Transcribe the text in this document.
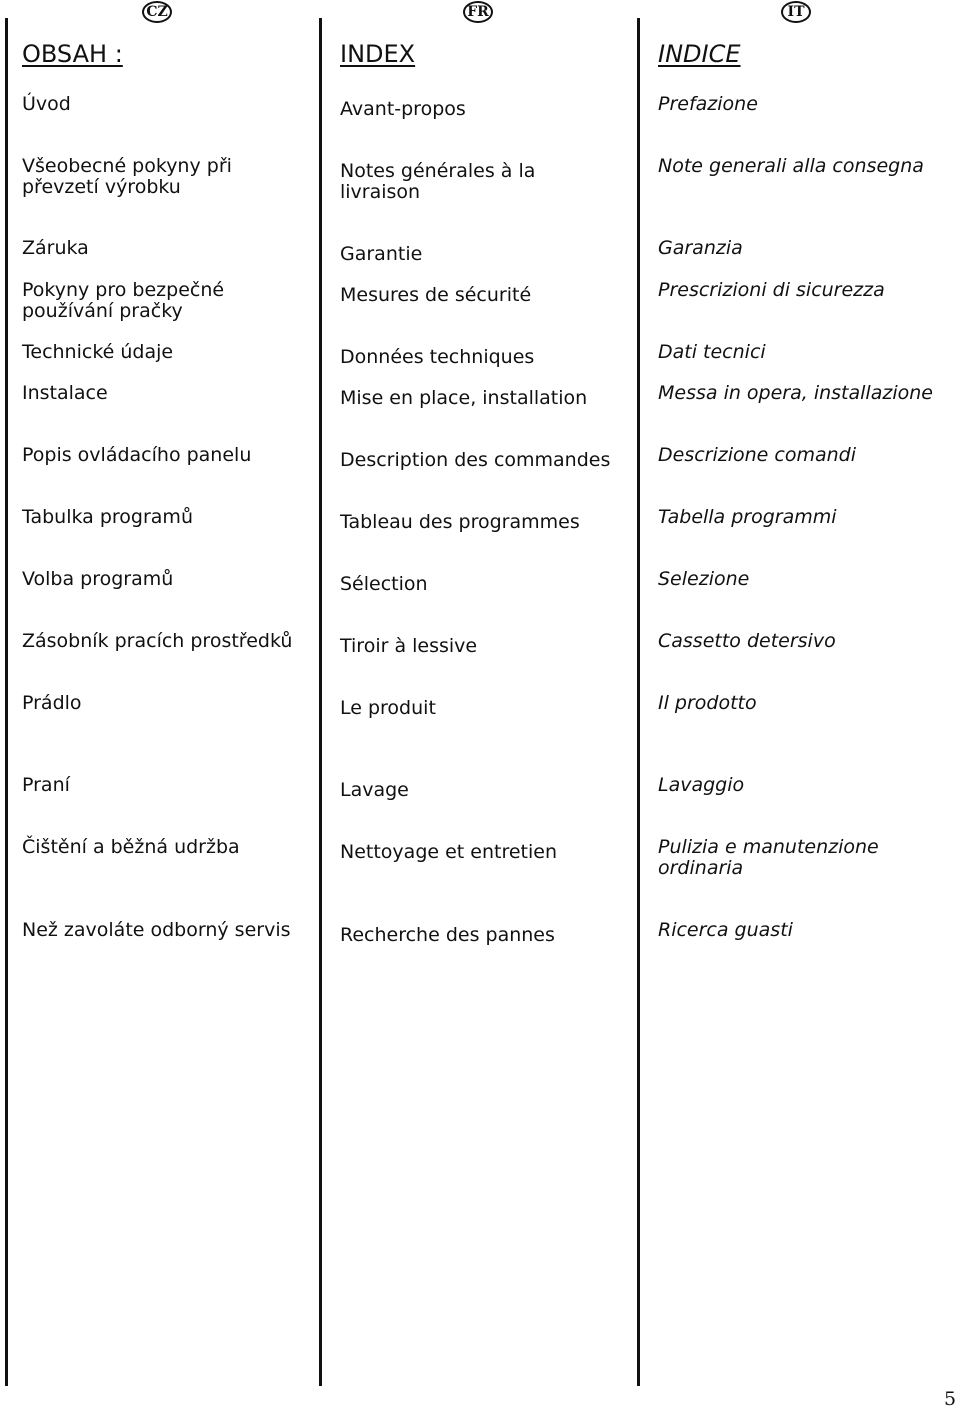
CZ	FR	IT
OBSAH :
Úvod
Všeobecné pokyny při převzetí výrobku
Záruka
Pokyny pro bezpečné používání pračky
Technické údaje
Instalace
Popis ovládacího panelu
Tabulka programů
Volba programů
Zásobník pracích prostředků
Prádlo
Praní
Čištění a běžná udržba
Než zavoláte odborný servis
INDEX
Avant-propos
Notes générales à la livraison
Garantie
Mesures de sécurité
Données techniques
Mise en place, installation
Description des commandes
Tableau des programmes
Sélection
Tiroir à lessive
Le produit
Lavage
Nettoyage et entretien
Recherche des pannes
INDICE
Prefazione
Note generali alla consegna
Garanzia
Prescrizioni di sicurezza
Dati tecnici
Messa in opera, installazione
Descrizione comandi
Tabella programmi
Selezione
Cassetto detersivo
Il prodotto
Lavaggio
Pulizia e manutenzione ordinaria
Ricerca guasti
5
